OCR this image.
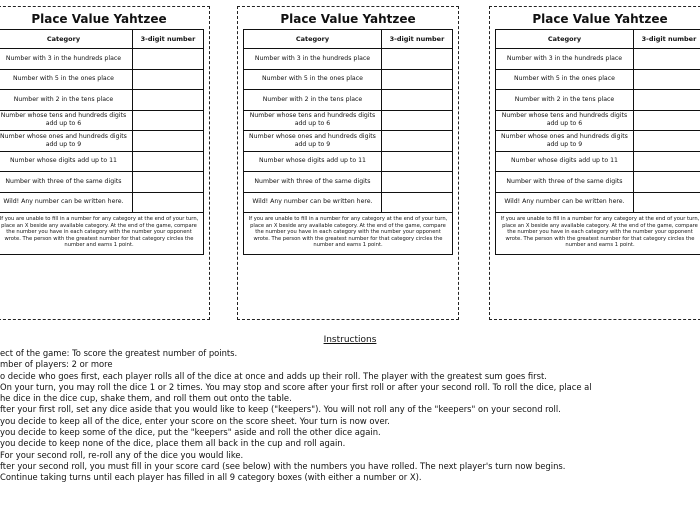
Place Value Yahtzee
Category	3-digit number
Number with 3 in the hundreds place	
Number with 5 in the ones place	
Number with 2 in the tens place	
Number whose tens and hundreds digits add up to 6	
Number whose ones and hundreds digits add up to 9	
Number whose digits add up to 11	
Number with three of the same digits	
Wild! Any number can be written here.	
If you are unable to fill in a number for any category at the end of your turn, place an X beside any available category. At the end of the game, compare the number you have in each category with the number your opponent wrote. The person with the greatest number for that category circles the number and earns 1 point.
Place Value Yahtzee
Category	3-digit number
Number with 3 in the hundreds place	
Number with 5 in the ones place	
Number with 2 in the tens place	
Number whose tens and hundreds digits add up to 6	
Number whose ones and hundreds digits add up to 9	
Number whose digits add up to 11	
Number with three of the same digits	
Wild! Any number can be written here.	
If you are unable to fill in a number for any category at the end of your turn, place an X beside any available category. At the end of the game, compare the number you have in each category with the number your opponent wrote. The person with the greatest number for that category circles the number and earns 1 point.
Place Value Yahtzee
Category	3-digit number
Number with 3 in the hundreds place	
Number with 5 in the ones place	
Number with 2 in the tens place	
Number whose tens and hundreds digits add up to 6	
Number whose ones and hundreds digits add up to 9	
Number whose digits add up to 11	
Number with three of the same digits	
Wild! Any number can be written here.	
If you are unable to fill in a number for any category at the end of your turn, place an X beside any available category. At the end of the game, compare the number you have in each category with the number your opponent wrote. The person with the greatest number for that category circles the number and earns 1 point.
Instructions
ect of the game: To score the greatest number of points.
mber of players: 2 or more
o decide who goes first, each player rolls all of the dice at once and adds up their roll. The player with the greatest sum goes first.
On your turn, you may roll the dice 1 or 2 times. You may stop and score after your first roll or after your second roll. To roll the dice, place al
he dice in the dice cup, shake them, and roll them out onto the table.
fter your first roll, set any dice aside that you would like to keep ("keepers"). You will not roll any of the "keepers" on your second roll.
you decide to keep all of the dice, enter your score on the score sheet. Your turn is now over.
you decide to keep some of the dice, put the "keepers" aside and roll the other dice again.
you decide to keep none of the dice, place them all back in the cup and roll again.
For your second roll, re-roll any of the dice you would like.
fter your second roll, you must fill in your score card (see below) with the numbers you have rolled. The next player's turn now begins.
Continue taking turns until each player has filled in all 9 category boxes (with either a number or X).
